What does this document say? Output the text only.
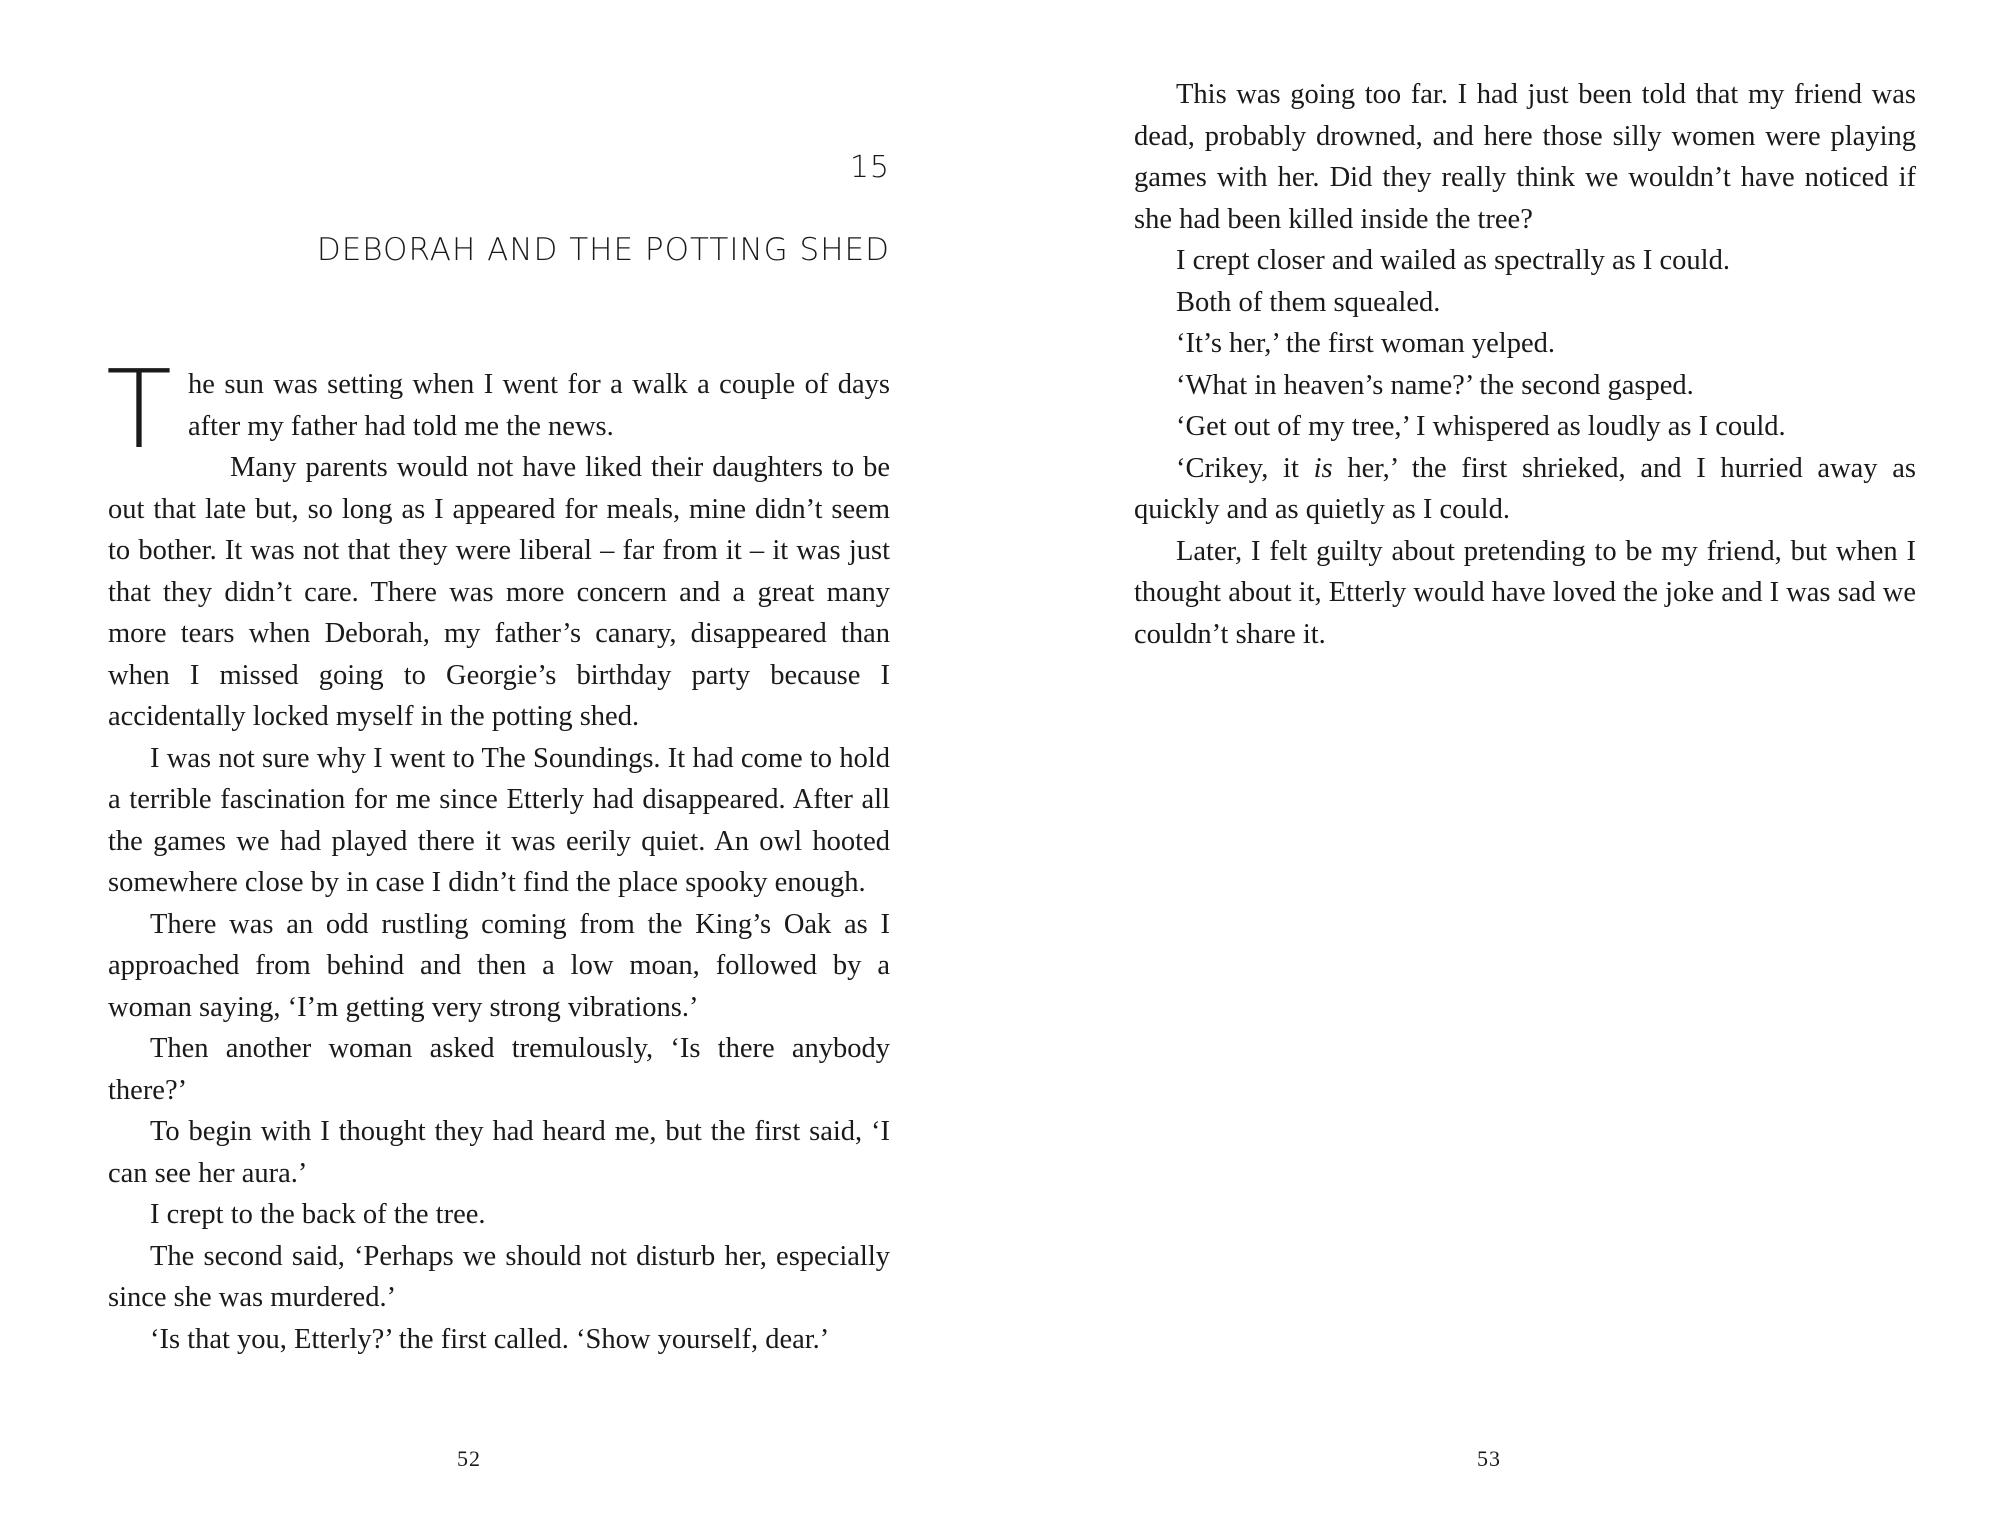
15
DEBORAH AND THE POTTING SHED

The sun was setting when I went for a walk a couple of days after my father had told me the news.

Many parents would not have liked their daughters to be out that late but, so long as I appeared for meals, mine didn’t seem to bother. It was not that they were liberal – far from it – it was just that they didn’t care. There was more concern and a great many more tears when Deborah, my father’s canary, disappeared than when I missed going to Georgie’s birthday party because I accidentally locked myself in the potting shed.

I was not sure why I went to The Soundings. It had come to hold a terrible fascination for me since Etterly had disappeared. After all the games we had played there it was eerily quiet. An owl hooted somewhere close by in case I didn’t find the place spooky enough.

There was an odd rustling coming from the King’s Oak as I approached from behind and then a low moan, followed by a woman saying, ‘I’m getting very strong vibrations.’

Then another woman asked tremulously, ‘Is there anybody there?’

To begin with I thought they had heard me, but the first said, ‘I can see her aura.’

I crept to the back of the tree.

The second said, ‘Perhaps we should not disturb her, especially since she was murdered.’

‘Is that you, Etterly?’ the first called. ‘Show yourself, dear.’

52

This was going too far. I had just been told that my friend was dead, probably drowned, and here those silly women were playing games with her. Did they really think we wouldn’t have noticed if she had been killed inside the tree?

I crept closer and wailed as spectrally as I could.

Both of them squealed.

‘It’s her,’ the first woman yelped.

‘What in heaven’s name?’ the second gasped.

‘Get out of my tree,’ I whispered as loudly as I could.

‘Crikey, it is her,’ the first shrieked, and I hurried away as quickly and as quietly as I could.

Later, I felt guilty about pretending to be my friend, but when I thought about it, Etterly would have loved the joke and I was sad we couldn’t share it.

53
